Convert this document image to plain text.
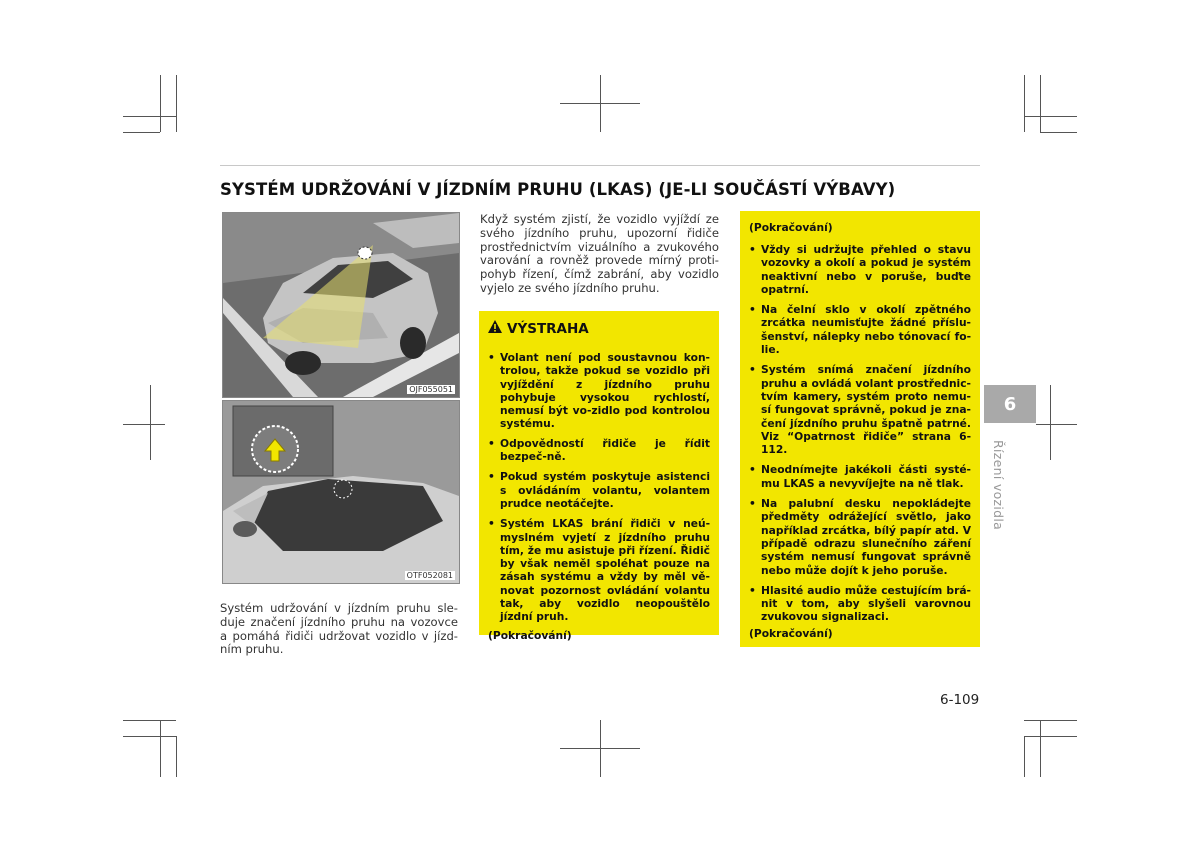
SYSTÉM UDRŽOVÁNÍ V JÍZDNÍM PRUHU (LKAS) (JE-LI SOUČÁSTÍ VÝBAVY)
OJF055051
OTF052081
Systém udržování v jízdním pruhu sle-duje značení jízdního pruhu na vozovce a pomáhá řidiči udržovat vozidlo v jízd-ním pruhu.
Když systém zjistí, že vozidlo vyjíždí ze svého jízdního pruhu, upozorní řidiče prostřednictvím vizuálního a zvukového varování a rovněž provede mírný proti-pohyb řízení, čímž zabrání, aby vozidlo vyjelo ze svého jízdního pruhu.
VÝSTRAHA
• Volant není pod soustavnou kon-trolou, takže pokud se vozidlo při vyjíždění z jízdního pruhu pohybuje vysokou rychlostí, nemusí být vo-zidlo pod kontrolou systému.
• Odpovědností řidiče je řídit bezpeč-ně.
• Pokud systém poskytuje asistenci s ovládáním volantu, volantem prudce neotáčejte.
• Systém LKAS brání řidiči v neú-myslném vyjetí z jízdního pruhu tím, že mu asistuje při řízení. Řidič by však neměl spoléhat pouze na zásah systému a vždy by měl vě-novat pozornost ovládání volantu tak, aby vozidlo neopouštělo jízdní pruh.
(Pokračování)
(Pokračování)
• Vždy si udržujte přehled o stavu vozovky a okolí a pokud je systém neaktivní nebo v poruše, buďte opatrní.
• Na čelní sklo v okolí zpětného zrcátka neumisťujte žádné příslu-šenství, nálepky nebo tónovací fo-lie.
• Systém snímá značení jízdního pruhu a ovládá volant prostřednic-tvím kamery, systém proto nemu-sí fungovat správně, pokud je zna-čení jízdního pruhu špatně patrné. Viz “Opatrnost řidiče” strana 6-112.
• Neodnímejte jakékoli části systé-mu LKAS a nevyvíjejte na ně tlak.
• Na palubní desku nepokládejte předměty odrážející světlo, jako například zrcátka, bílý papír atd. V případě odrazu slunečního záření systém nemusí fungovat správně nebo může dojít k jeho poruše.
• Hlasité audio může cestujícím brá-nit v tom, aby slyšeli varovnou zvukovou signalizaci.
(Pokračování)
6
Řízení vozidla
6-109
